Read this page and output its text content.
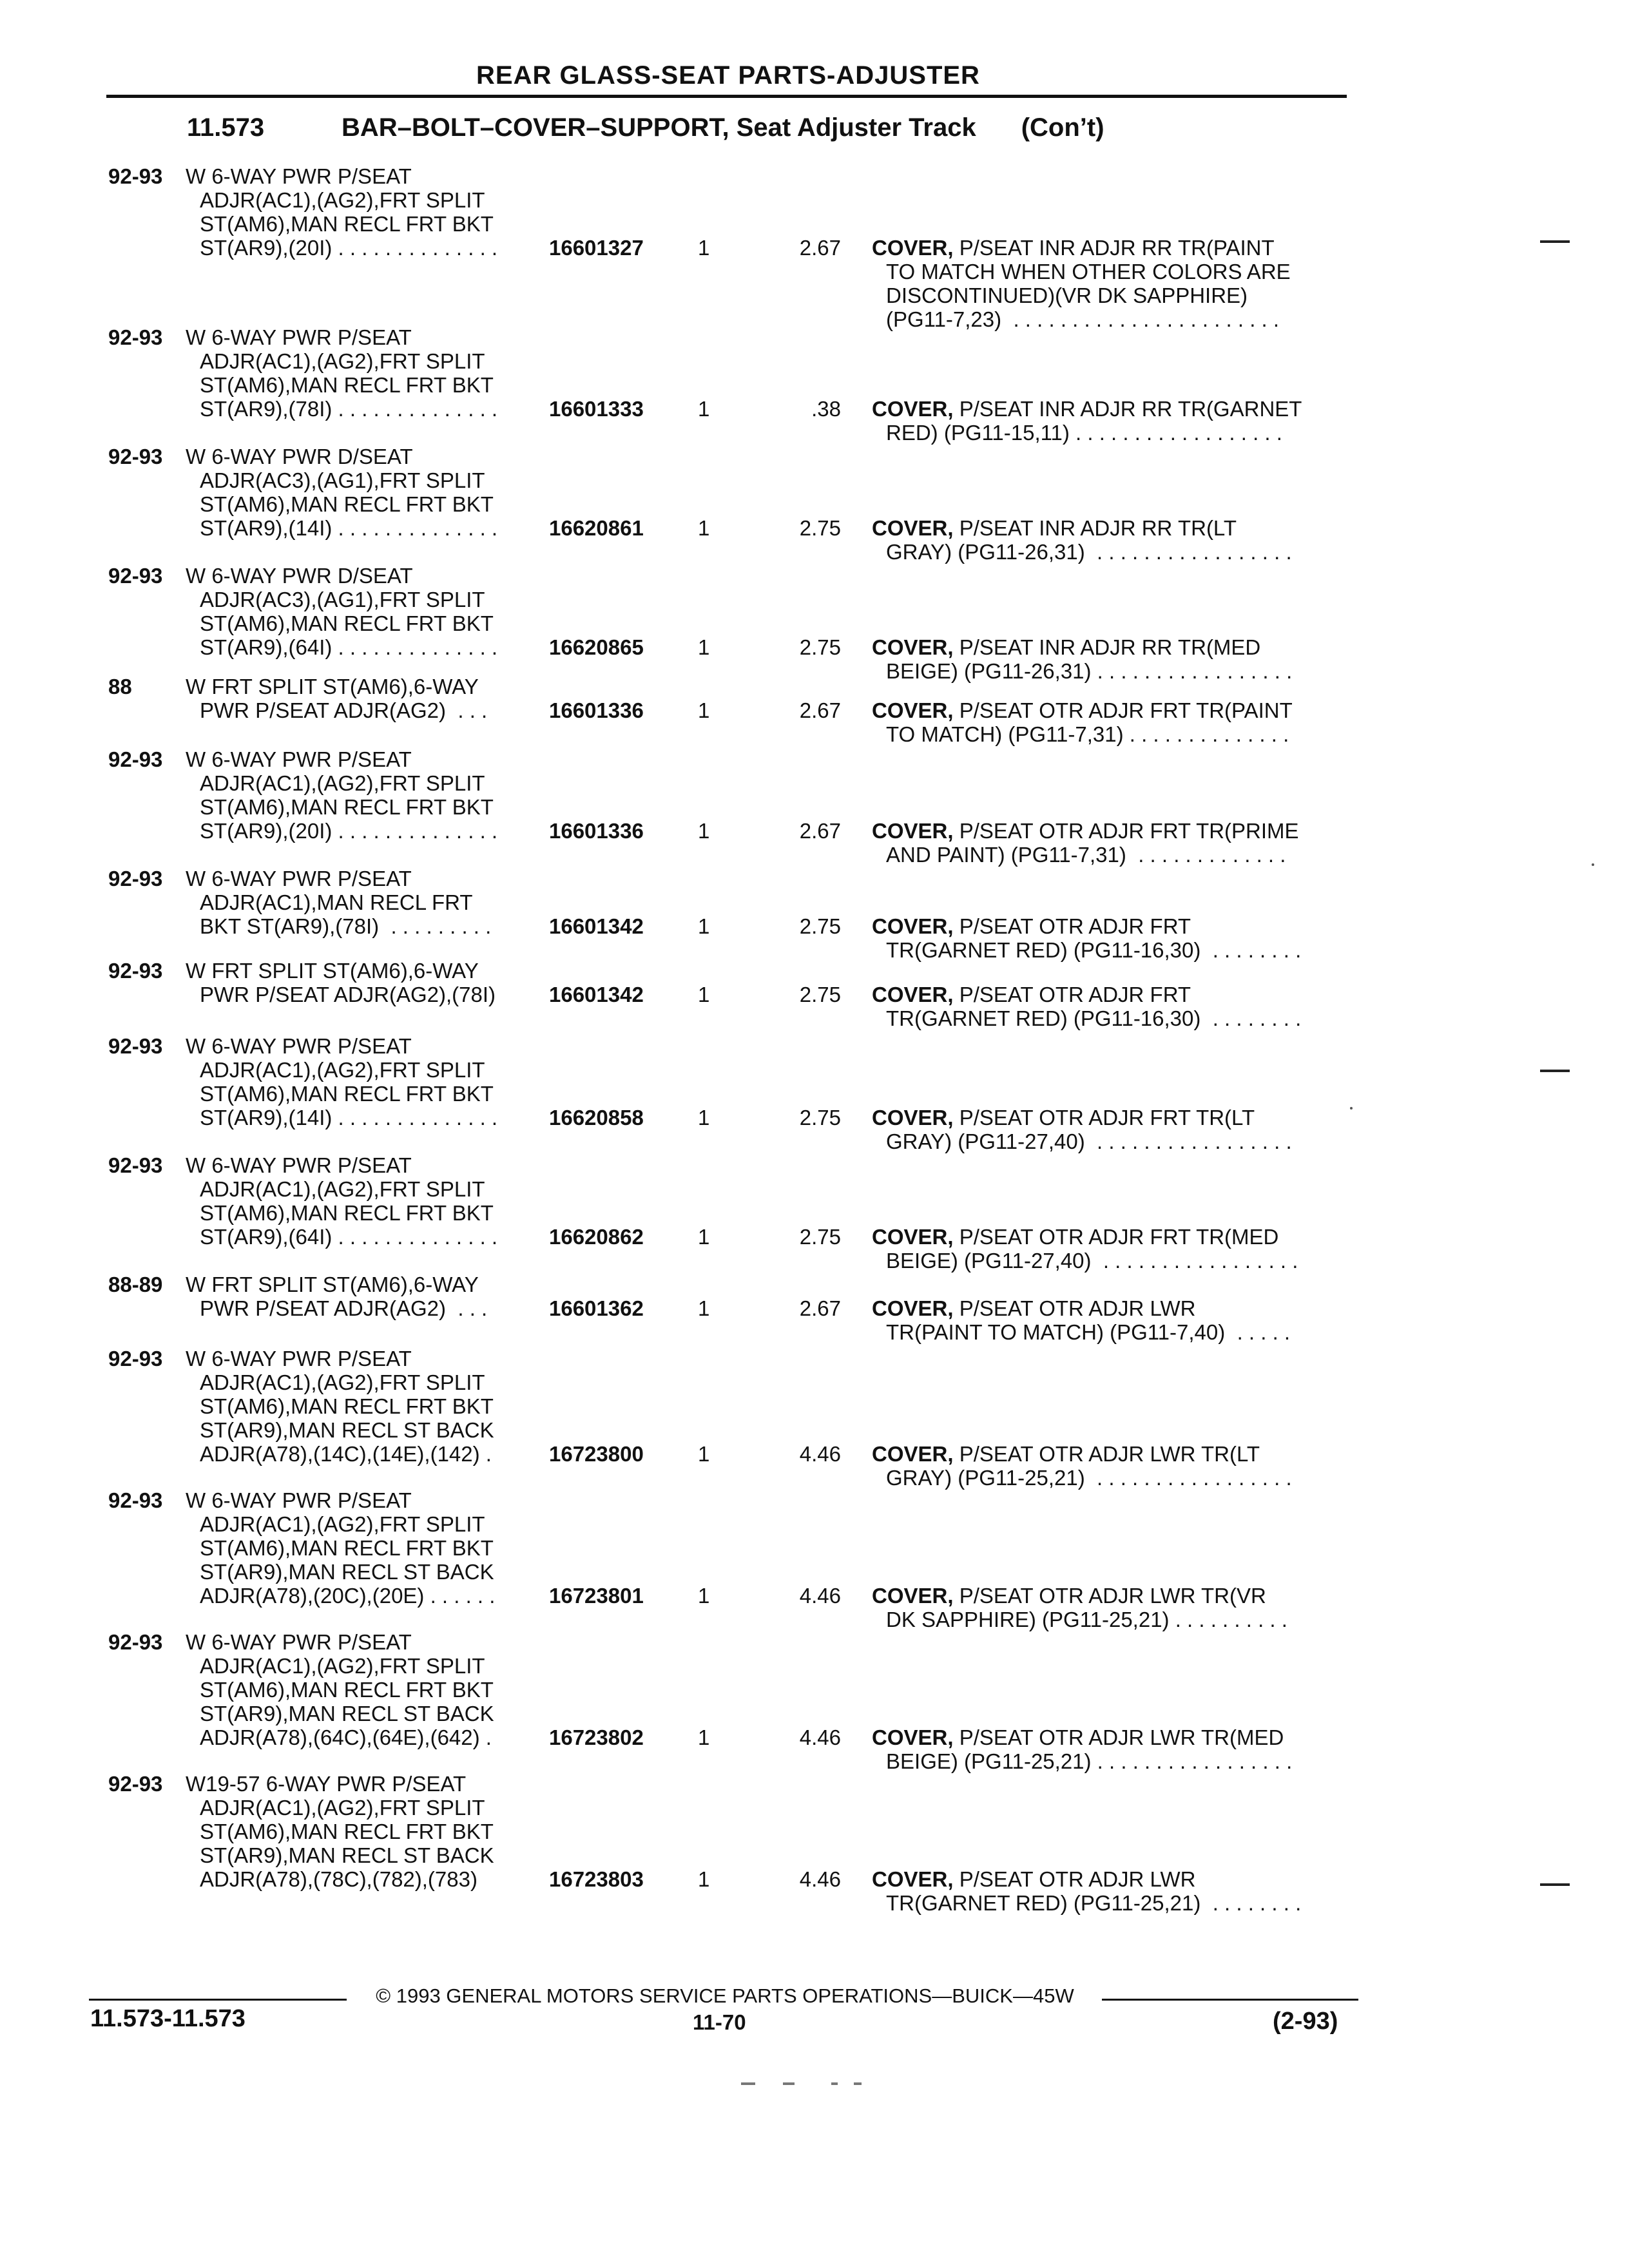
REAR GLASS-SEAT PARTS-ADJUSTER
11.573	BAR–BOLT–COVER–SUPPORT, Seat Adjuster Track (Con’t)
92-93 W 6-WAY PWR P/SEAT
ADJR(AC1),(AG2),FRT SPLIT
ST(AM6),MAN RECL FRT BKT
ST(AR9),(20I) . . . . . . . . . . . . . .	16601327	1	2.67 COVER, P/SEAT INR ADJR RR TR(PAINT
TO MATCH WHEN OTHER COLORS ARE
DISCONTINUED)(VR DK SAPPHIRE)
(PG11-7,23)  . . . . . . . . . . . . . . . . . . . . . . .
92-93 W 6-WAY PWR P/SEAT
ADJR(AC1),(AG2),FRT SPLIT
ST(AM6),MAN RECL FRT BKT
ST(AR9),(78I) . . . . . . . . . . . . . .	16601333	1	.38 COVER, P/SEAT INR ADJR RR TR(GARNET
RED) (PG11-15,11) . . . . . . . . . . . . . . . . . .
92-93 W 6-WAY PWR D/SEAT
ADJR(AC3),(AG1),FRT SPLIT
ST(AM6),MAN RECL FRT BKT
ST(AR9),(14I) . . . . . . . . . . . . . .	16620861	1	2.75 COVER, P/SEAT INR ADJR RR TR(LT
GRAY) (PG11-26,31)  . . . . . . . . . . . . . . . . .
92-93 W 6-WAY PWR D/SEAT
ADJR(AC3),(AG1),FRT SPLIT
ST(AM6),MAN RECL FRT BKT
ST(AR9),(64I) . . . . . . . . . . . . . .	16620865	1	2.75 COVER, P/SEAT INR ADJR RR TR(MED
BEIGE) (PG11-26,31) . . . . . . . . . . . . . . . . .
88	W FRT SPLIT ST(AM6),6-WAY
PWR P/SEAT ADJR(AG2)  . . .	16601336	1	2.67 COVER, P/SEAT OTR ADJR FRT TR(PAINT
TO MATCH) (PG11-7,31) . . . . . . . . . . . . . .
92-93 W 6-WAY PWR P/SEAT
ADJR(AC1),(AG2),FRT SPLIT
ST(AM6),MAN RECL FRT BKT
ST(AR9),(20I) . . . . . . . . . . . . . .	16601336	1	2.67 COVER, P/SEAT OTR ADJR FRT TR(PRIME
AND PAINT) (PG11-7,31)  . . . . . . . . . . . . .
92-93 W 6-WAY PWR P/SEAT
ADJR(AC1),MAN RECL FRT
BKT ST(AR9),(78I)  . . . . . . . . .	16601342	1	2.75 COVER, P/SEAT OTR ADJR FRT
TR(GARNET RED) (PG11-16,30)  . . . . . . . .
92-93 W FRT SPLIT ST(AM6),6-WAY
PWR P/SEAT ADJR(AG2),(78I)	16601342	1	2.75 COVER, P/SEAT OTR ADJR FRT
TR(GARNET RED) (PG11-16,30)  . . . . . . . .
92-93 W 6-WAY PWR P/SEAT
ADJR(AC1),(AG2),FRT SPLIT
ST(AM6),MAN RECL FRT BKT
ST(AR9),(14I) . . . . . . . . . . . . . .	16620858	1	2.75 COVER, P/SEAT OTR ADJR FRT TR(LT
GRAY) (PG11-27,40)  . . . . . . . . . . . . . . . . .
92-93 W 6-WAY PWR P/SEAT
ADJR(AC1),(AG2),FRT SPLIT
ST(AM6),MAN RECL FRT BKT
ST(AR9),(64I) . . . . . . . . . . . . . .	16620862	1	2.75 COVER, P/SEAT OTR ADJR FRT TR(MED
BEIGE) (PG11-27,40)  . . . . . . . . . . . . . . . . .
88-89 W FRT SPLIT ST(AM6),6-WAY
PWR P/SEAT ADJR(AG2)  . . .	16601362	1	2.67 COVER, P/SEAT OTR ADJR LWR
TR(PAINT TO MATCH) (PG11-7,40)  . . . . .
92-93 W 6-WAY PWR P/SEAT
ADJR(AC1),(AG2),FRT SPLIT
ST(AM6),MAN RECL FRT BKT
ST(AR9),MAN RECL ST BACK
ADJR(A78),(14C),(14E),(142) .	16723800	1	4.46 COVER, P/SEAT OTR ADJR LWR TR(LT
GRAY) (PG11-25,21)  . . . . . . . . . . . . . . . . .
92-93 W 6-WAY PWR P/SEAT
ADJR(AC1),(AG2),FRT SPLIT
ST(AM6),MAN RECL FRT BKT
ST(AR9),MAN RECL ST BACK
ADJR(A78),(20C),(20E) . . . . . .	16723801	1	4.46 COVER, P/SEAT OTR ADJR LWR TR(VR
DK SAPPHIRE) (PG11-25,21) . . . . . . . . . .
92-93 W 6-WAY PWR P/SEAT
ADJR(AC1),(AG2),FRT SPLIT
ST(AM6),MAN RECL FRT BKT
ST(AR9),MAN RECL ST BACK
ADJR(A78),(64C),(64E),(642) .	16723802	1	4.46 COVER, P/SEAT OTR ADJR LWR TR(MED
BEIGE) (PG11-25,21) . . . . . . . . . . . . . . . . .
92-93 W19-57 6-WAY PWR P/SEAT
ADJR(AC1),(AG2),FRT SPLIT
ST(AM6),MAN RECL FRT BKT
ST(AR9),MAN RECL ST BACK
ADJR(A78),(78C),(782),(783)	16723803	1	4.46 COVER, P/SEAT OTR ADJR LWR
TR(GARNET RED) (PG11-25,21)  . . . . . . . .
© 1993 GENERAL MOTORS SERVICE PARTS OPERATIONS—BUICK—45W
11.573-11.573	11-70	(2-93)
